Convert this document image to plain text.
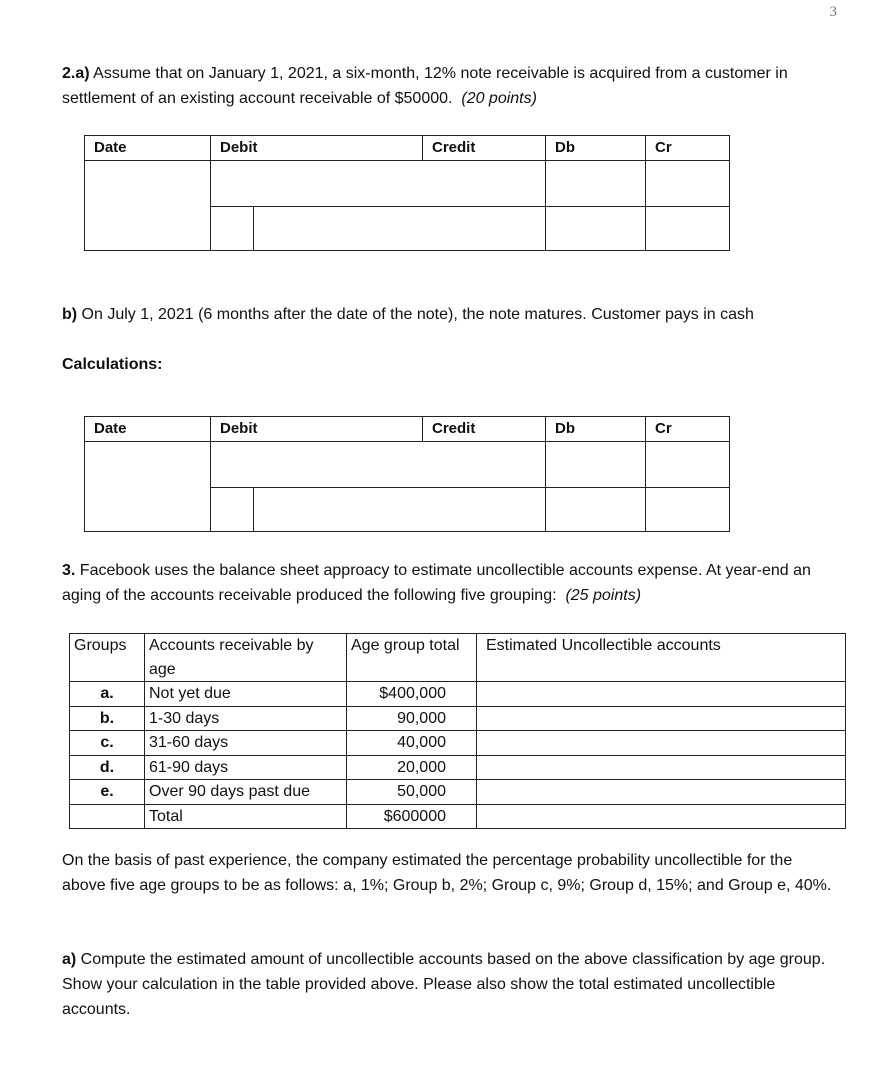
3
2.a) Assume that on January 1, 2021, a six-month, 12% note receivable is acquired from a customer in settlement of an existing account receivable of $50000. (20 points)
Date	Debit	Credit	Db	Cr
b) On July 1, 2021 (6 months after the date of the note), the note matures. Customer pays in cash
Calculations:
Date	Debit	Credit	Db	Cr
3. Facebook uses the balance sheet approacy to estimate uncollectible accounts expense. At year-end an aging of the accounts receivable produced the following five grouping: (25 points)
Groups	Accounts receivable by age	Age group total	Estimated Uncollectible accounts
a.	Not yet due	$400,000	
b.	1-30 days	90,000	
c.	31-60 days	40,000	
d.	61-90 days	20,000	
e.	Over 90 days past due	50,000	
	Total	$600000	
On the basis of past experience, the company estimated the percentage probability uncollectible for the above five age groups to be as follows: a, 1%; Group b, 2%; Group c, 9%; Group d, 15%; and Group e, 40%.
a) Compute the estimated amount of uncollectible accounts based on the above classification by age group. Show your calculation in the table provided above. Please also show the total estimated uncollectible accounts.
